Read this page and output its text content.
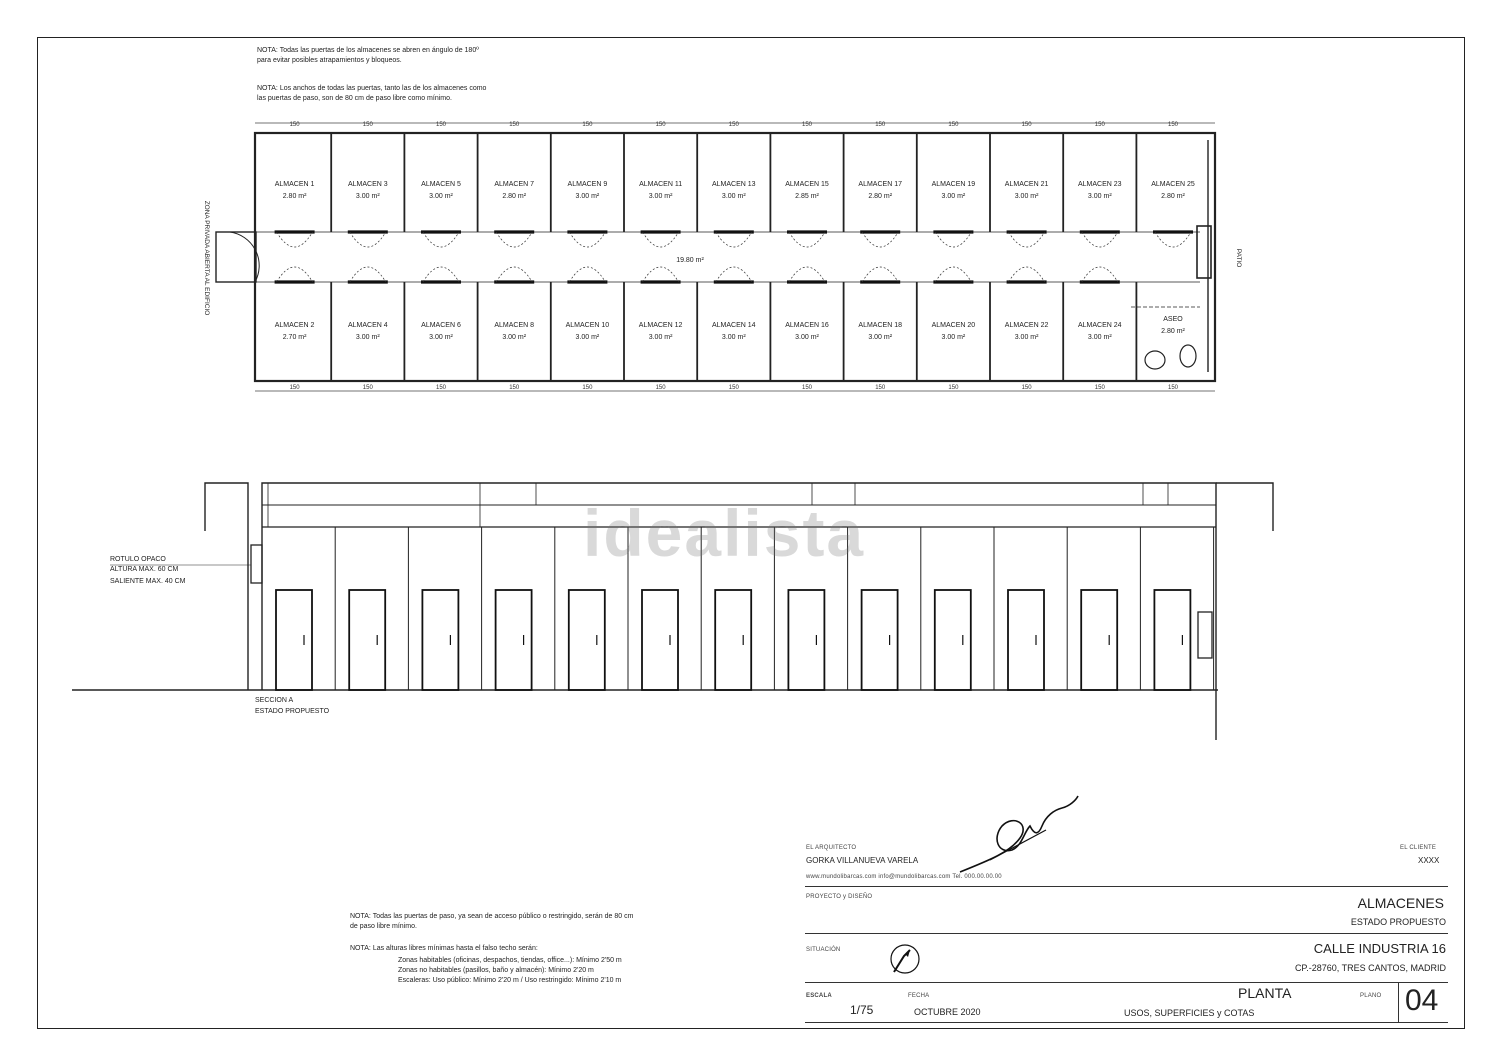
NOTA: Todas las puertas de los almacenes se abren en ángulo de 180º
para evitar posibles atrapamientos y bloqueos.
NOTA: Los anchos de todas las puertas, tanto las de los almacenes como
las puertas de paso, son de 80 cm de paso libre como mínimo.
ALMACEN 1
2.80 m²
ALMACEN 3
3.00 m²
ALMACEN 5
3.00 m²
ALMACEN 7
2.80 m²
ALMACEN 9
3.00 m²
ALMACEN 11
3.00 m²
ALMACEN 13
3.00 m²
ALMACEN 15
2.85 m²
ALMACEN 17
2.80 m²
ALMACEN 19
3.00 m²
ALMACEN 21
3.00 m²
ALMACEN 23
3.00 m²
ALMACEN 25
2.80 m²
ALMACEN 2
2.70 m²
ALMACEN 4
3.00 m²
ALMACEN 6
3.00 m²
ALMACEN 8
3.00 m²
ALMACEN 10
3.00 m²
ALMACEN 12
3.00 m²
ALMACEN 14
3.00 m²
ALMACEN 16
3.00 m²
ALMACEN 18
3.00 m²
ALMACEN 20
3.00 m²
ALMACEN 22
3.00 m²
ALMACEN 24
3.00 m²
ASEO
2.80 m²
19.80 m²
150
150
150
150
150
150
150
150
150
150
150
150
150
150
150
150
150
150
150
150
150
150
150
150
150
150
ZONA PRIVADA ABIERTA AL EDIFICIO	PATIO
ROTULO OPACO
ALTURA MAX. 60 CM
SALIENTE MAX. 40 CM
SECCION A
ESTADO PROPUESTO
idealista
NOTA: Todas las puertas de paso, ya sean de acceso público o restringido, serán de 80 cm
de paso libre mínimo.
NOTA: Las alturas libres mínimas hasta el falso techo serán:
Zonas habitables (oficinas, despachos, tiendas, office...): Mínimo 2'50 m
Zonas no habitables (pasillos, baño y almacén): Mínimo 2'20 m
Escaleras: Uso público: Mínimo 2'20 m / Uso restringido: Mínimo 2'10 m
EL ARQUITECTO
GORKA VILLANUEVA VARELA
www.mundolibarcas.com info@mundolibarcas.com Tel. 000.00.00.00
PROYECTO y DISEÑO
EL CLIENTE
XXXX
ALMACENES
ESTADO PROPUESTO
SITUACIÓN	CALLE INDUSTRIA 16
CP.-28760, TRES CANTOS, MADRID
ESCALA
1/75
FECHA
OCTUBRE 2020
PLANTA
USOS, SUPERFICIES y COTAS
PLANO 04
